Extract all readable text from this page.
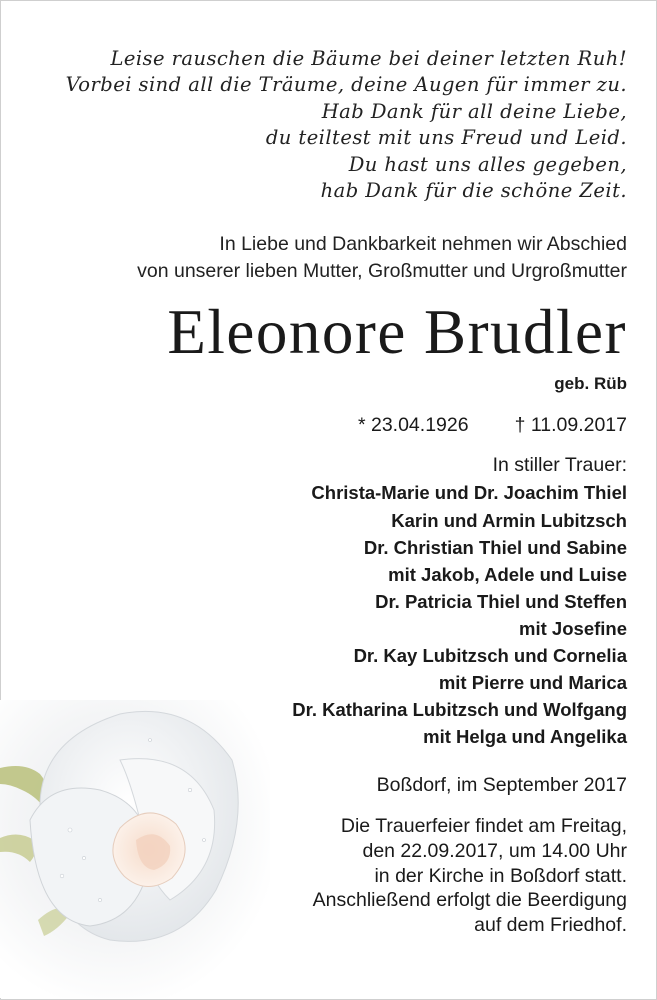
Leise rauschen die Bäume bei deiner letzten Ruh!
Vorbei sind all die Träume, deine Augen für immer zu.
Hab Dank für all deine Liebe,
du teiltest mit uns Freud und Leid.
Du hast uns alles gegeben,
hab Dank für die schöne Zeit.
In Liebe und Dankbarkeit nehmen wir Abschied
von unserer lieben Mutter, Großmutter und Urgroßmutter
Eleonore Brudler
geb. Rüb
* 23.04.1926 † 11.09.2017
In stiller Trauer:
Christa-Marie und Dr. Joachim Thiel
Karin und Armin Lubitzsch
Dr. Christian Thiel und Sabine
mit Jakob, Adele und Luise
Dr. Patricia Thiel und Steffen
mit Josefine
Dr. Kay Lubitzsch und Cornelia
mit Pierre und Marica
Dr. Katharina Lubitzsch und Wolfgang
mit Helga und Angelika
Boßdorf, im September 2017
Die Trauerfeier findet am Freitag,
den 22.09.2017, um 14.00 Uhr
in der Kirche in Boßdorf statt.
Anschließend erfolgt die Beerdigung
auf dem Friedhof.
